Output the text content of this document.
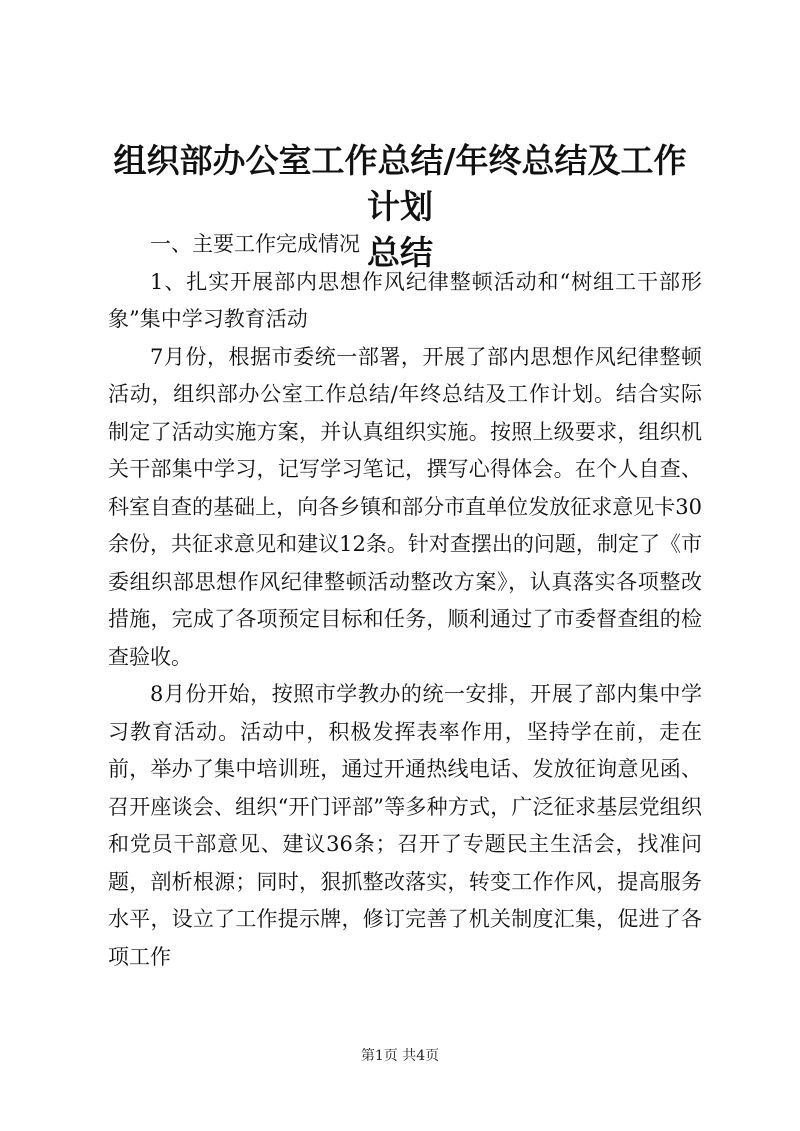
组织部办公室工作总结/年终总结及工作计划
总结

一、主要工作完成情况

1、扎实开展部内思想作风纪律整顿活动和“树组工干部形象”集中学习教育活动

7月份，根据市委统一部署，开展了部内思想作风纪律整顿活动，组织部办公室工作总结/年终总结及工作计划。结合实际制定了活动实施方案，并认真组织实施。按照上级要求，组织机关干部集中学习，记写学习笔记，撰写心得体会。在个人自查、科室自查的基础上，向各乡镇和部分市直单位发放征求意见卡30余份，共征求意见和建议12条。针对查摆出的问题，制定了《市委组织部思想作风纪律整顿活动整改方案》，认真落实各项整改措施，完成了各项预定目标和任务，顺利通过了市委督查组的检查验收。

8月份开始，按照市学教办的统一安排，开展了部内集中学习教育活动。活动中，积极发挥表率作用，坚持学在前，走在前，举办了集中培训班，通过开通热线电话、发放征询意见函、召开座谈会、组织“开门评部”等多种方式，广泛征求基层党组织和党员干部意见、建议36条；召开了专题民主生活会，找准问题，剖析根源；同时，狠抓整改落实，转变工作作风，提高服务水平，设立了工作提示牌，修订完善了机关制度汇集，促进了各项工作

第1页 共4页
